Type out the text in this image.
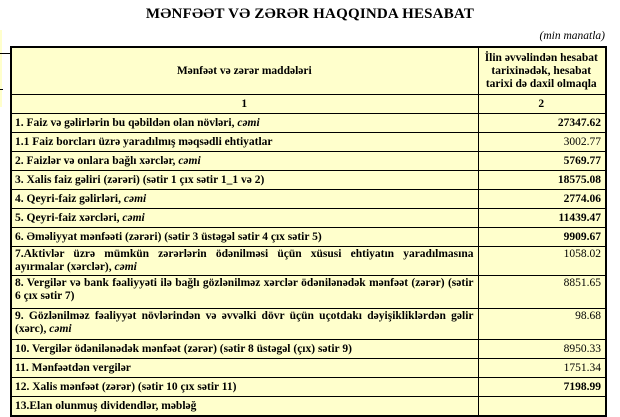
MƏNFƏƏT VƏ ZƏRƏR HAQQINDA HESABAT
(min manatla)
Mənfəət və zərər maddələri	İlin əvvəlindən hesabat tarixinədək, hesabat tarixi də daxil olmaqla
1	2
1. Faiz və gəlirlərin bu qəbildən olan növləri, cəmi	27347.62
1.1 Faiz borcları üzrə yaradılmış məqsədli ehtiyatlar	3002.77
2. Faizlər və onlara bağlı xərclər, cəmi	5769.77
3. Xalis faiz gəliri (zərəri) (sətir 1 çıx sətir 1_1 və 2)	18575.08
4. Qeyri-faiz gəlirləri, cəmi	2774.06
5. Qeyri-faiz xərcləri, cəmi	11439.47
6. Əməliyyat mənfəəti (zərəri) (sətir 3 üstəgəl sətir 4 çıx sətir 5)	9909.67
7.Aktivlər üzrə mümkün zərərlərin ödənilməsi üçün xüsusi ehtiyatın yaradılmasına ayırmalar (xərclər), cəmi	1058.02
8. Vergilər və bank fəaliyyəti ilə bağlı gözlənilməz xərclər ödənilənədək mənfəət (zərər) (sətir 6 çıx sətir 7)	8851.65
9. Gözlənilməz fəaliyyət növlərindən və əvvəlki dövr üçün uçotdakı dəyişikliklərdən gəlir (xərc), cəmi	98.68
10. Vergilər ödənilənədək mənfəət (zərər) (sətir 8 üstəgəl (çıx) sətir 9)	8950.33
11. Mənfəətdən vergilər	1751.34
12. Xalis mənfəət (zərər) (sətir 10 çıx sətir 11)	7198.99
13.Elan olunmuş dividendlər, məbləğ	
